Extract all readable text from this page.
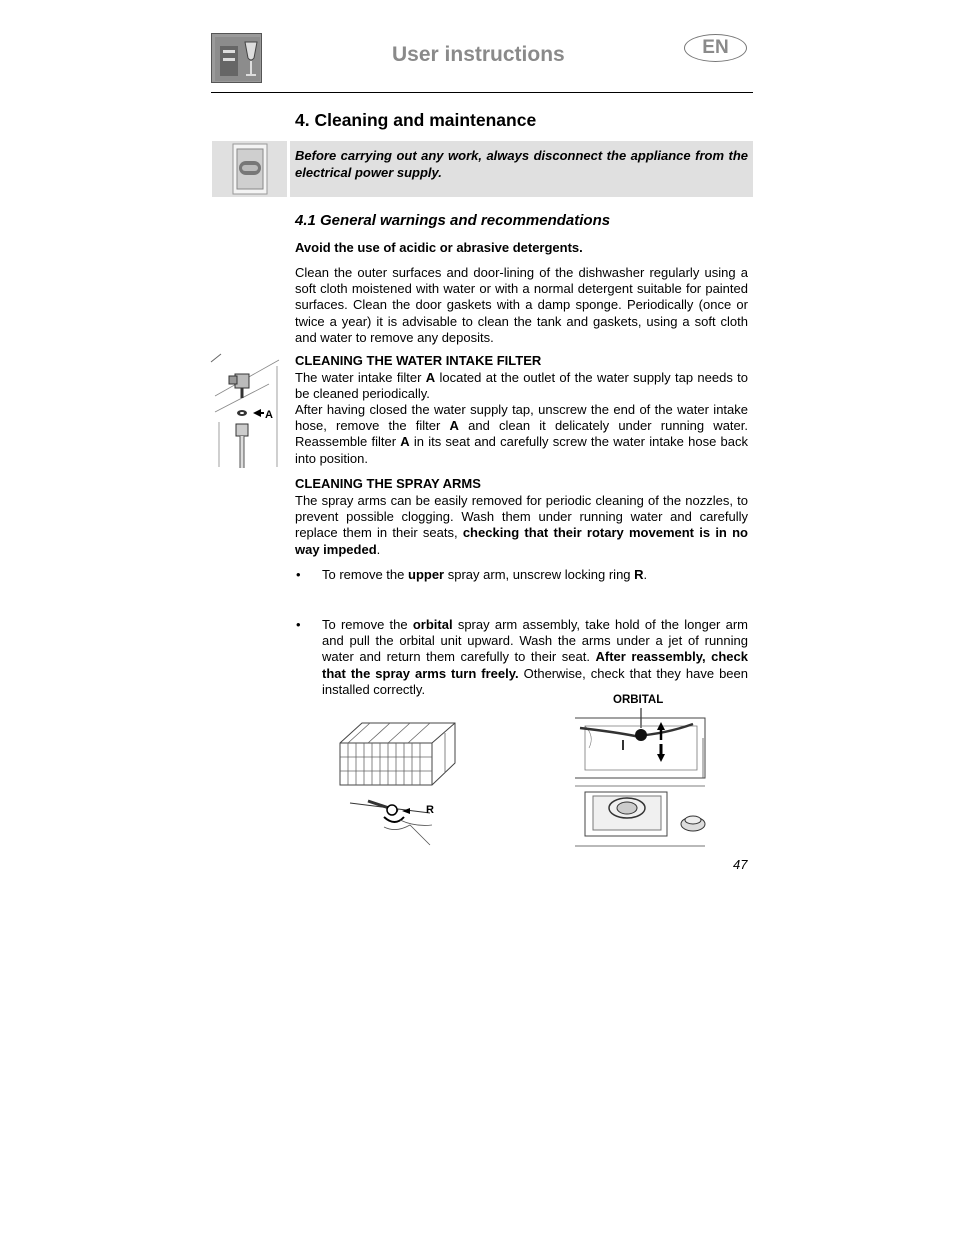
User instructions	EN
4. Cleaning and maintenance
Before carrying out any work, always disconnect the appliance from the electrical power supply.
4.1 General warnings and recommendations
Avoid the use of acidic or abrasive detergents.
Clean the outer surfaces and door-lining of the dishwasher regularly using a soft cloth moistened with water or with a normal detergent suitable for painted surfaces. Clean the door gaskets with a damp sponge. Periodically (once or twice a year) it is advisable to clean the tank and gaskets, using a soft cloth and water to remove any deposits.
A
CLEANING THE WATER INTAKE FILTER
The water intake filter A located at the outlet of the water supply tap needs to be cleaned periodically.
After having closed the water supply tap, unscrew the end of the water intake hose, remove the filter A and clean it delicately under running water. Reassemble filter A in its seat and carefully screw the water intake hose back into position.
CLEANING THE SPRAY ARMS
The spray arms can be easily removed for periodic cleaning of the nozzles, to prevent possible clogging. Wash them under running water and carefully replace them in their seats, checking that their rotary movement is in no way impeded.
• To remove the upper spray arm, unscrew locking ring R.
• To remove the orbital spray arm assembly, take hold of the longer arm and pull the orbital unit upward. Wash the arms under a jet of running water and return them carefully to their seat. After reassembly, check that the spray arms turn freely. Otherwise, check that they have been installed correctly.
R
ORBITAL
47
